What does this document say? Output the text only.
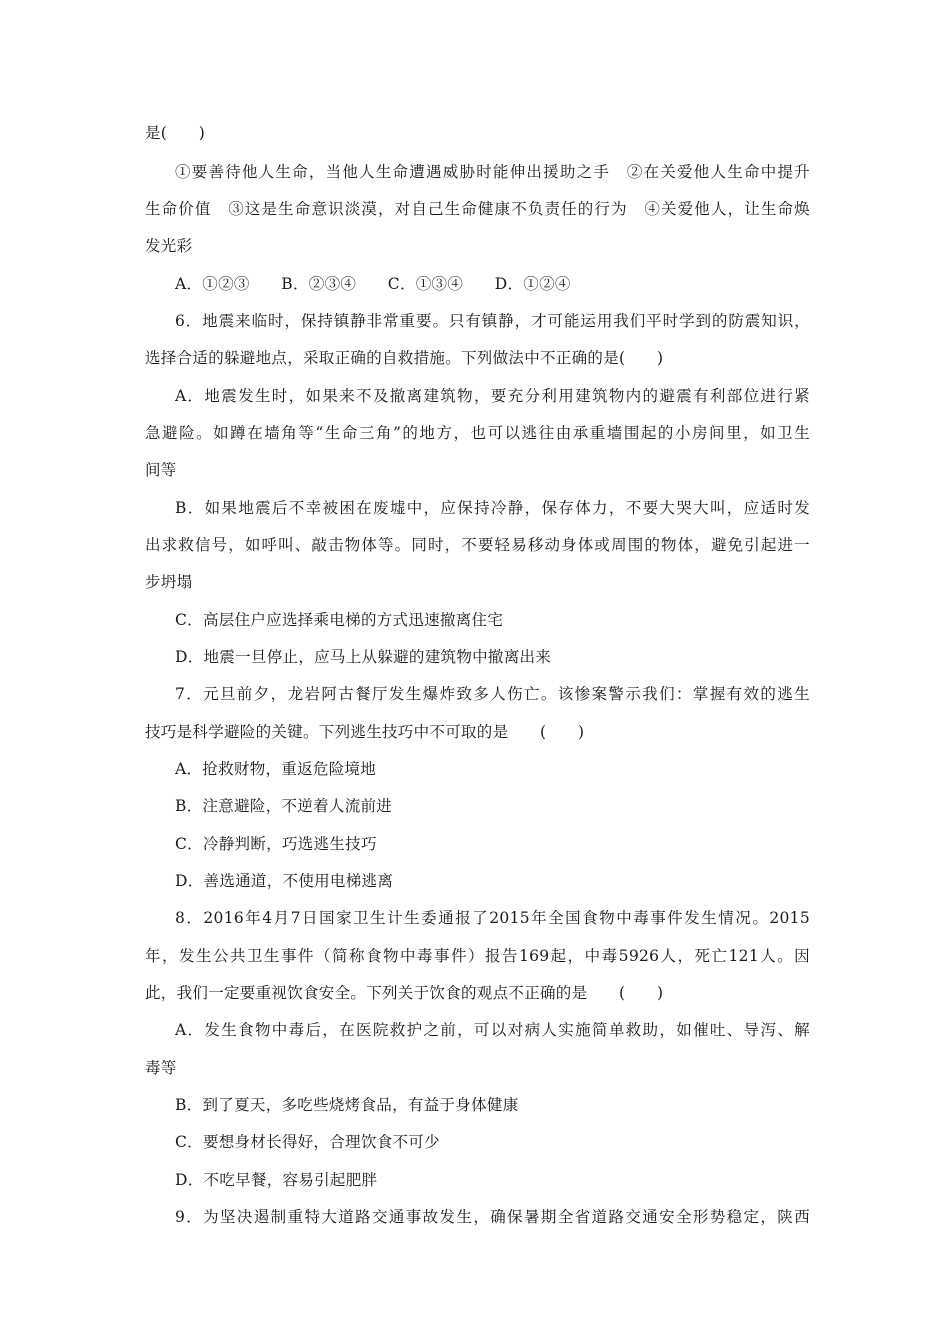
是(　　)
①要善待他人生命，当他人生命遭遇威胁时能伸出援助之手　②在关爱他人生命中提升
生命价值　③这是生命意识淡漠，对自己生命健康不负责任的行为　④关爱他人，让生命焕
发光彩
A．①②③　　B．②③④　　C．①③④　　D．①②④
6．地震来临时，保持镇静非常重要。只有镇静，才可能运用我们平时学到的防震知识，
选择合适的躲避地点，采取正确的自救措施。下列做法中不正确的是(　　)
A．地震发生时，如果来不及撤离建筑物，要充分利用建筑物内的避震有利部位进行紧
急避险。如蹲在墙角等“生命三角”的地方，也可以逃往由承重墙围起的小房间里，如卫生
间等
B．如果地震后不幸被困在废墟中，应保持冷静，保存体力，不要大哭大叫，应适时发
出求救信号，如呼叫、敲击物体等。同时，不要轻易移动身体或周围的物体，避免引起进一
步坍塌
C．高层住户应选择乘电梯的方式迅速撤离住宅
D．地震一旦停止，应马上从躲避的建筑物中撤离出来
7．元旦前夕，龙岩阿古餐厅发生爆炸致多人伤亡。该惨案警示我们：掌握有效的逃生
技巧是科学避险的关键。下列逃生技巧中不可取的是　　(　　)
A．抢救财物，重返危险境地
B．注意避险，不逆着人流前进
C．冷静判断，巧选逃生技巧
D．善选通道，不使用电梯逃离
8．2016年4月7日国家卫生计生委通报了2015年全国食物中毒事件发生情况。2015
年，发生公共卫生事件（简称食物中毒事件）报告169起，中毒5926人，死亡121人。因
此，我们一定要重视饮食安全。下列关于饮食的观点不正确的是　　(　　)
A．发生食物中毒后，在医院救护之前，可以对病人实施简单救助，如催吐、导泻、解
毒等
B．到了夏天，多吃些烧烤食品，有益于身体健康
C．要想身材长得好，合理饮食不可少
D．不吃早餐，容易引起肥胖
9．为坚决遏制重特大道路交通事故发生，确保暑期全省道路交通安全形势稳定，陕西
